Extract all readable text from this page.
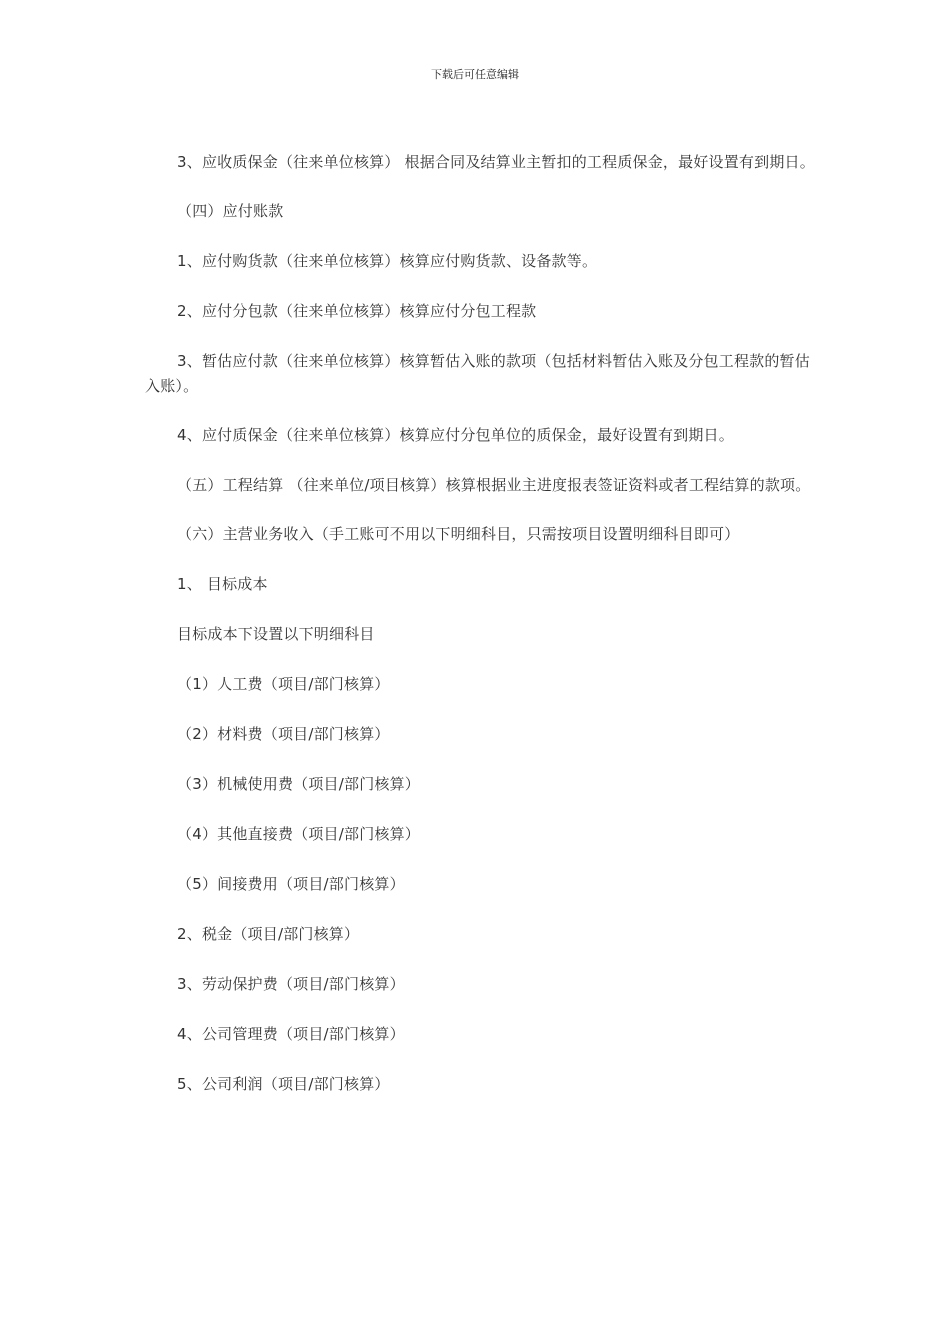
下载后可任意编辑

3、应收质保金（往来单位核算） 根据合同及结算业主暂扣的工程质保金，最好设置有到期日。

（四）应付账款

1、应付购货款（往来单位核算）核算应付购货款、设备款等。

2、应付分包款（往来单位核算）核算应付分包工程款

3、暂估应付款（往来单位核算）核算暂估入账的款项（包括材料暂估入账及分包工程款的暂估入账）。

4、应付质保金（往来单位核算）核算应付分包单位的质保金，最好设置有到期日。

（五）工程结算 （往来单位/项目核算）核算根据业主进度报表签证资料或者工程结算的款项。

（六）主营业务收入（手工账可不用以下明细科目，只需按项目设置明细科目即可）

1、 目标成本

目标成本下设置以下明细科目

（1）人工费（项目/部门核算）

（2）材料费（项目/部门核算）

（3）机械使用费（项目/部门核算）

（4）其他直接费（项目/部门核算）

（5）间接费用（项目/部门核算）

2、税金（项目/部门核算）

3、劳动保护费（项目/部门核算）

4、公司管理费（项目/部门核算）

5、公司利润（项目/部门核算）
